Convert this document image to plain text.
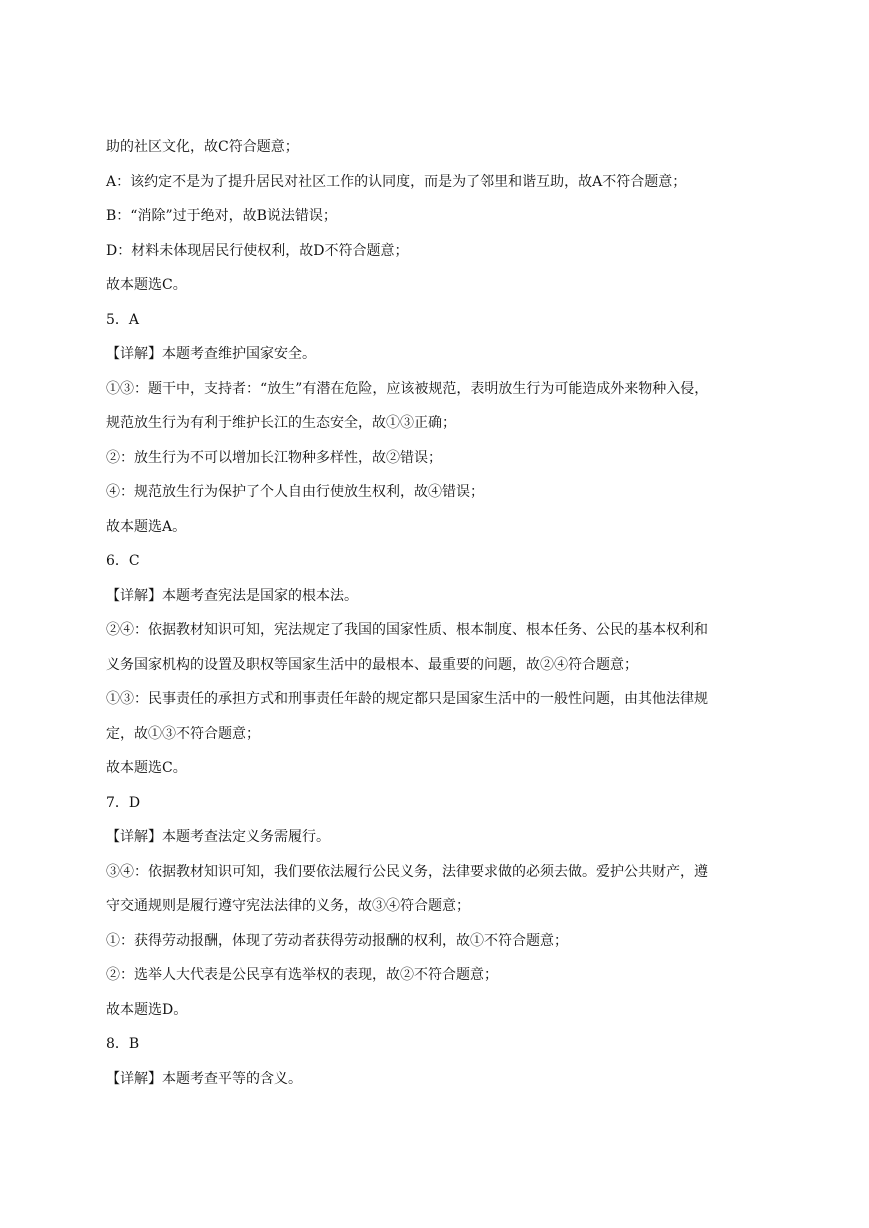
助的社区文化，故C符合题意；
A：该约定不是为了提升居民对社区工作的认同度，而是为了邻里和谐互助，故A不符合题意；
B：“消除”过于绝对，故B说法错误；
D：材料未体现居民行使权利，故D不符合题意；
故本题选C。
5．A
【详解】本题考查维护国家安全。
①③：题干中，支持者：“放生”有潜在危险，应该被规范，表明放生行为可能造成外来物种入侵，
规范放生行为有利于维护长江的生态安全，故①③正确；
②：放生行为不可以增加长江物种多样性，故②错误；
④：规范放生行为保护了个人自由行使放生权利，故④错误；
故本题选A。
6．C
【详解】本题考查宪法是国家的根本法。
②④：依据教材知识可知，宪法规定了我国的国家性质、根本制度、根本任务、公民的基本权利和
义务国家机构的设置及职权等国家生活中的最根本、最重要的问题，故②④符合题意；
①③：民事责任的承担方式和刑事责任年龄的规定都只是国家生活中的一般性问题，由其他法律规
定，故①③不符合题意；
故本题选C。
7．D
【详解】本题考查法定义务需履行。
③④：依据教材知识可知，我们要依法履行公民义务，法律要求做的必须去做。爱护公共财产，遵
守交通规则是履行遵守宪法法律的义务，故③④符合题意；
①：获得劳动报酬，体现了劳动者获得劳动报酬的权利，故①不符合题意；
②：选举人大代表是公民享有选举权的表现，故②不符合题意；
故本题选D。
8．B
【详解】本题考查平等的含义。
